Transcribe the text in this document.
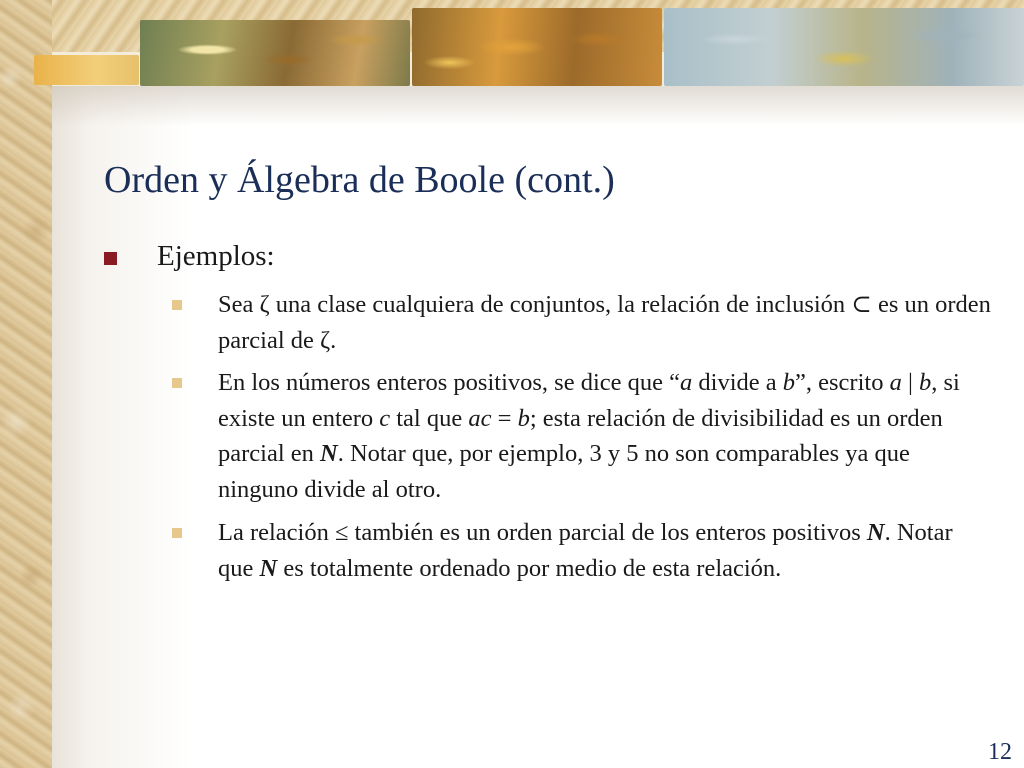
Orden y Álgebra de Boole (cont.)
Ejemplos:
Sea ζ una clase cualquiera de conjuntos, la relación de inclusión ⊂ es un orden parcial de ζ.
En los números enteros positivos, se dice que “a divide a b”, escrito a | b, si existe un entero c tal que ac = b; esta relación de divisibilidad es un orden parcial en N. Notar que, por ejemplo, 3 y 5 no son comparables ya que ninguno divide al otro.
La relación ≤ también es un orden parcial de los enteros positivos N. Notar que N es totalmente ordenado por medio de esta relación.
12
